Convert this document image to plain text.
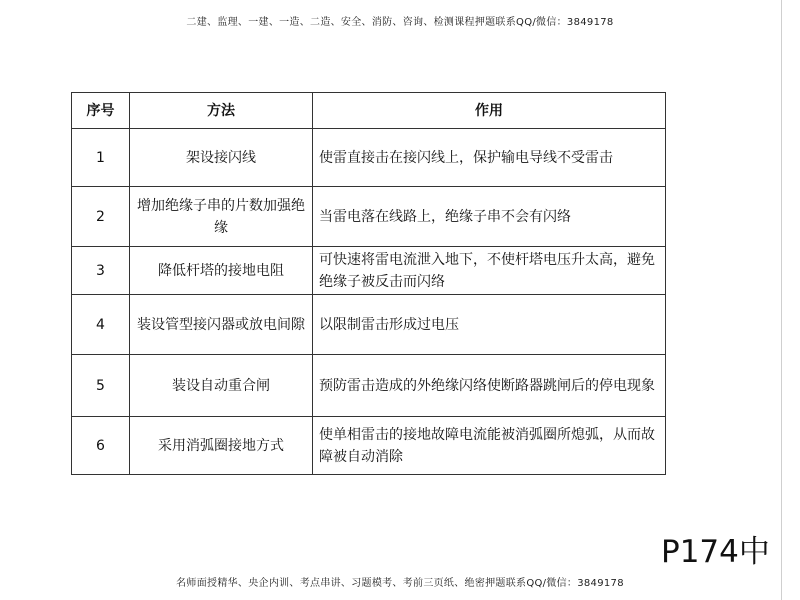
二建、监理、一建、一造、二造、安全、消防、咨询、检测课程押题联系QQ/微信：3849178
序号	方法	作用
1	架设接闪线	使雷直接击在接闪线上，保护输电导线不受雷击
2	增加绝缘子串的片数加强绝缘	当雷电落在线路上，绝缘子串不会有闪络
3	降低杆塔的接地电阻	可快速将雷电流泄入地下，不使杆塔电压升太高，避免绝缘子被反击而闪络
4	装设管型接闪器或放电间隙	以限制雷击形成过电压
5	装设自动重合闸	预防雷击造成的外绝缘闪络使断路器跳闸后的停电现象
6	采用消弧圈接地方式	使单相雷击的接地故障电流能被消弧圈所熄弧，从而故障被自动消除
P174中
名师面授精华、央企内训、考点串讲、习题模考、考前三页纸、绝密押题联系QQ/微信：3849178
